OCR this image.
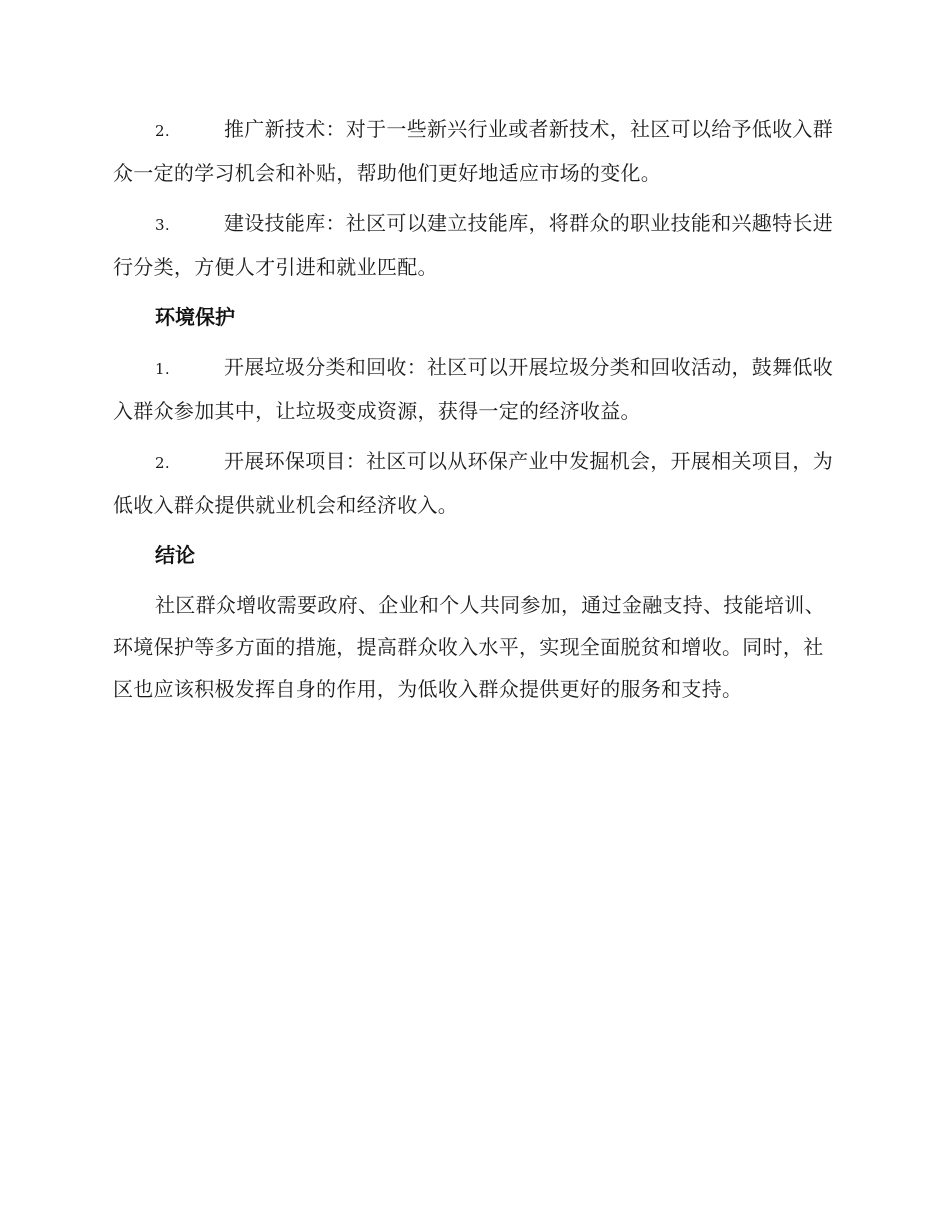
2.	推广新技术：对于一些新兴行业或者新技术，社区可以给予低收入群众一定的学习机会和补贴，帮助他们更好地适应市场的变化。
3.	建设技能库：社区可以建立技能库，将群众的职业技能和兴趣特长进行分类，方便人才引进和就业匹配。
环境保护
1.	开展垃圾分类和回收：社区可以开展垃圾分类和回收活动，鼓舞低收入群众参加其中，让垃圾变成资源，获得一定的经济收益。
2.	开展环保项目：社区可以从环保产业中发掘机会，开展相关项目，为低收入群众提供就业机会和经济收入。
结论

社区群众增收需要政府、企业和个人共同参加，通过金融支持、技能培训、环境保护等多方面的措施，提高群众收入水平，实现全面脱贫和增收。同时，社区也应该积极发挥自身的作用，为低收入群众提供更好的服务和支持。
